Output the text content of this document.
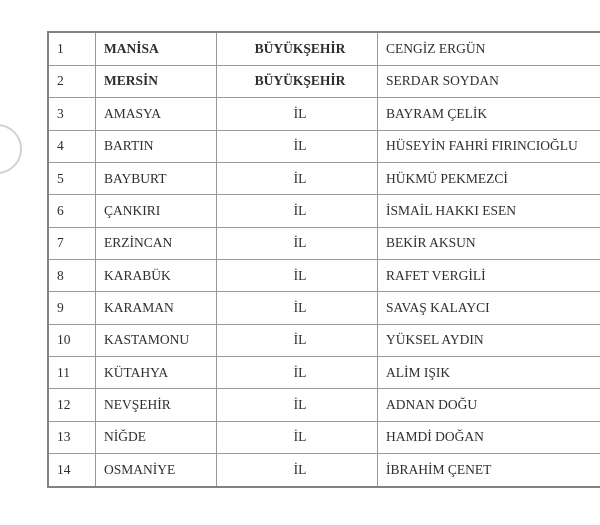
1	MANİSA	BÜYÜKŞEHİR	CENGİZ ERGÜN
2	MERSİN	BÜYÜKŞEHİR	SERDAR SOYDAN
3	AMASYA	İL	BAYRAM ÇELİK
4	BARTIN	İL	HÜSEYİN FAHRİ FIRINCIOĞLU
5	BAYBURT	İL	HÜKMÜ PEKMEZCİ
6	ÇANKIRI	İL	İSMAİL HAKKI ESEN
7	ERZİNCAN	İL	BEKİR AKSUN
8	KARABÜK	İL	RAFET VERGİLİ
9	KARAMAN	İL	SAVAŞ KALAYCI
10	KASTAMONU	İL	YÜKSEL AYDIN
11	KÜTAHYA	İL	ALİM IŞIK
12	NEVŞEHİR	İL	ADNAN DOĞU
13	NİĞDE	İL	HAMDİ DOĞAN
14	OSMANİYE	İL	İBRAHİM ÇENET
